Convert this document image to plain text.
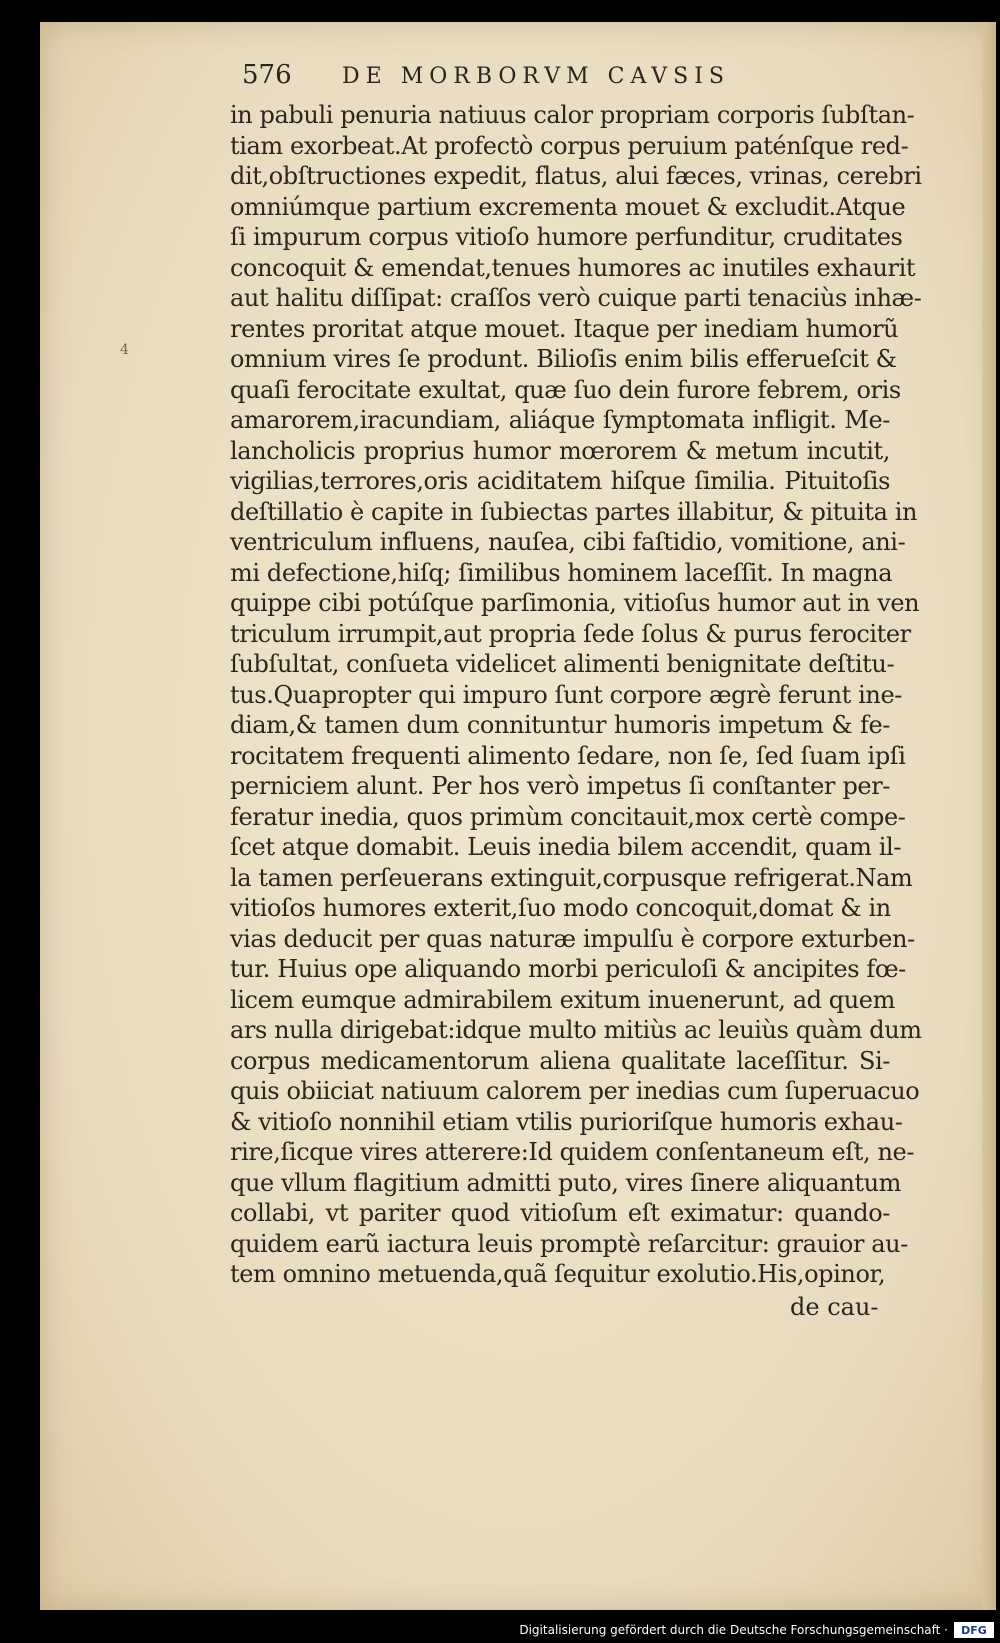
576	DE MORBORVM CAVSIS
4
in pabuli penuria natiuus calor propriam corporis ſubſtan-
tiam exorbeat.At profectò corpus peruium paténſque red-
dit,obſtructiones expedit, flatus, alui fæces, vrinas, cerebri
omniúmque partium excrementa mouet & excludit.Atque
ſi impurum corpus vitioſo humore perfunditur, cruditates
concoquit & emendat,tenues humores ac inutiles exhaurit
aut halitu diſſipat: craſſos verò cuique parti tenaciùs inhæ-
rentes proritat atque mouet. Itaque per inediam humorũ
omnium vires ſe produnt. Bilioſis enim bilis efferueſcit &
quaſi ferocitate exultat, quæ ſuo dein furore febrem, oris
amarorem,iracundiam, aliáque ſymptomata infligit. Me-
lancholicis proprius humor mœrorem & metum incutit,
vigilias,terrores,oris aciditatem hiſque ſimilia. Pituitoſis
deſtillatio è capite in ſubiectas partes illabitur, & pituita in
ventriculum influens, nauſea, cibi faſtidio, vomitione, ani-
mi defectione,hiſq; ſimilibus hominem laceſſit. In magna
quippe cibi potúſque parſimonia, vitioſus humor aut in ven
triculum irrumpit,aut propria ſede ſolus & purus ferociter
ſubſultat, conſueta videlicet alimenti benignitate deſtitu-
tus.Quapropter qui impuro ſunt corpore ægrè ferunt ine-
diam,& tamen dum connituntur humoris impetum & fe-
rocitatem frequenti alimento ſedare, non ſe, ſed ſuam ipſi
perniciem alunt. Per hos verò impetus ſi conſtanter per-
feratur inedia, quos primùm concitauit,mox certè compe-
ſcet atque domabit. Leuis inedia bilem accendit, quam il-
la tamen perſeuerans extinguit,corpusque refrigerat.Nam
vitioſos humores exterit,ſuo modo concoquit,domat & in
vias deducit per quas naturæ impulſu è corpore exturben-
tur. Huius ope aliquando morbi periculoſi & ancipites fœ-
licem eumque admirabilem exitum inuenerunt, ad quem
ars nulla dirigebat:idque multo mitiùs ac leuiùs quàm dum
corpus medicamentorum aliena qualitate laceſſitur. Si-
quis obiiciat natiuum calorem per inedias cum ſuperuacuo
& vitioſo nonnihil etiam vtilis purioriſque humoris exhau-
rire,ſicque vires atterere:Id quidem conſentaneum eſt, ne-
que vllum flagitium admitti puto, vires ſinere aliquantum
collabi, vt pariter quod vitioſum eſt eximatur: quando-
quidem earũ iactura leuis promptè reſarcitur: grauior au-
tem omnino metuenda,quã ſequitur exolutio.His,opinor,
de cau-
Digitalisierung gefördert durch die Deutsche Forschungsgemeinschaft ·	DFG
